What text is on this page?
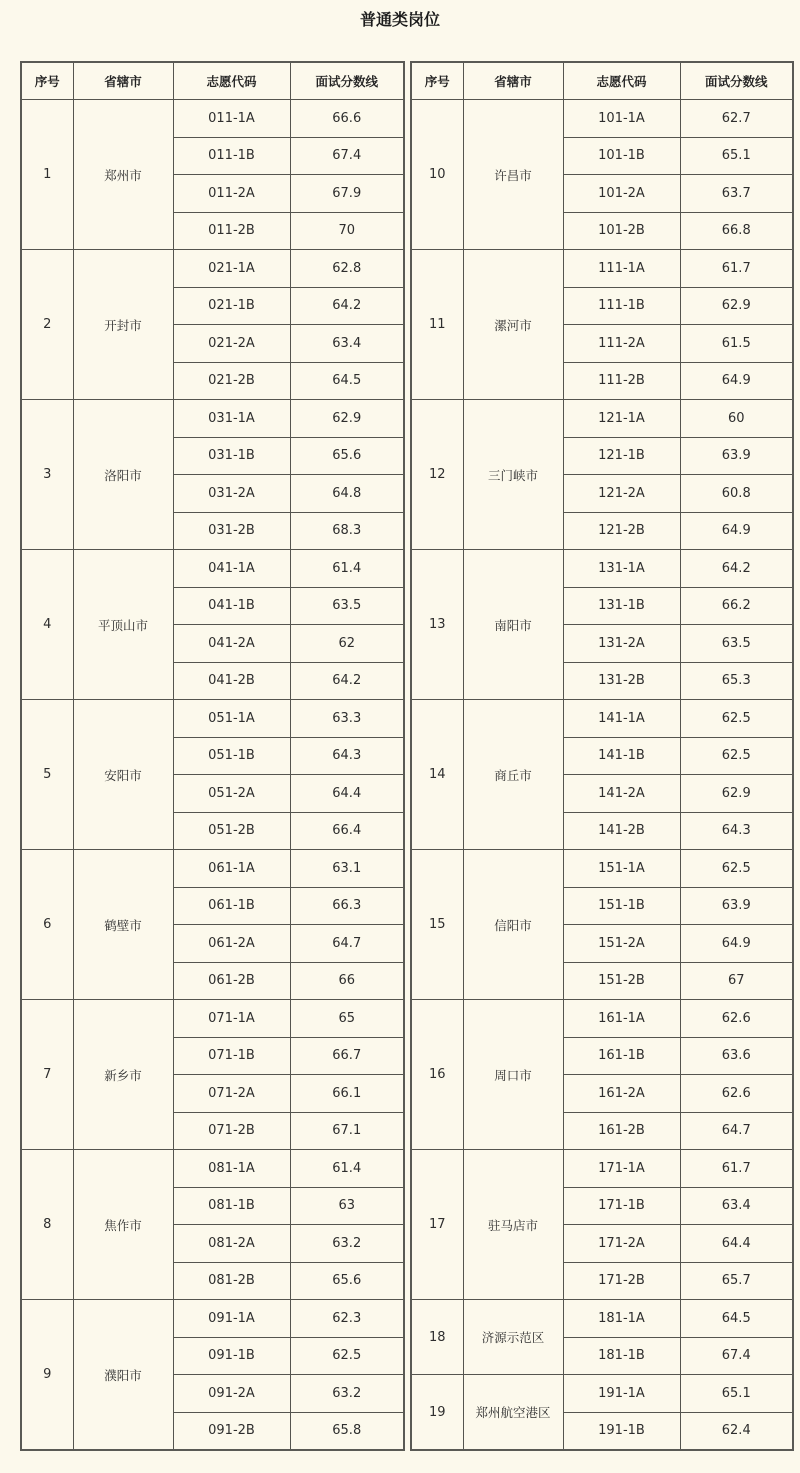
普通类岗位
序号	省辖市	志愿代码	面试分数线
1	郑州市	011-1A	66.6
		011-1B	67.4
		011-2A	67.9
		011-2B	70
2	开封市	021-1A	62.8
		021-1B	64.2
		021-2A	63.4
		021-2B	64.5
3	洛阳市	031-1A	62.9
		031-1B	65.6
		031-2A	64.8
		031-2B	68.3
4	平顶山市	041-1A	61.4
		041-1B	63.5
		041-2A	62
		041-2B	64.2
5	安阳市	051-1A	63.3
		051-1B	64.3
		051-2A	64.4
		051-2B	66.4
6	鹤壁市	061-1A	63.1
		061-1B	66.3
		061-2A	64.7
		061-2B	66
7	新乡市	071-1A	65
		071-1B	66.7
		071-2A	66.1
		071-2B	67.1
8	焦作市	081-1A	61.4
		081-1B	63
		081-2A	63.2
		081-2B	65.6
9	濮阳市	091-1A	62.3
		091-1B	62.5
		091-2A	63.2
		091-2B	65.8
序号	省辖市	志愿代码	面试分数线
10	许昌市	101-1A	62.7
		101-1B	65.1
		101-2A	63.7
		101-2B	66.8
11	漯河市	111-1A	61.7
		111-1B	62.9
		111-2A	61.5
		111-2B	64.9
12	三门峡市	121-1A	60
		121-1B	63.9
		121-2A	60.8
		121-2B	64.9
13	南阳市	131-1A	64.2
		131-1B	66.2
		131-2A	63.5
		131-2B	65.3
14	商丘市	141-1A	62.5
		141-1B	62.5
		141-2A	62.9
		141-2B	64.3
15	信阳市	151-1A	62.5
		151-1B	63.9
		151-2A	64.9
		151-2B	67
16	周口市	161-1A	62.6
		161-1B	63.6
		161-2A	62.6
		161-2B	64.7
17	驻马店市	171-1A	61.7
		171-1B	63.4
		171-2A	64.4
		171-2B	65.7
18	济源示范区	181-1A	64.5
		181-1B	67.4
19	郑州航空港区	191-1A	65.1
		191-1B	62.4
